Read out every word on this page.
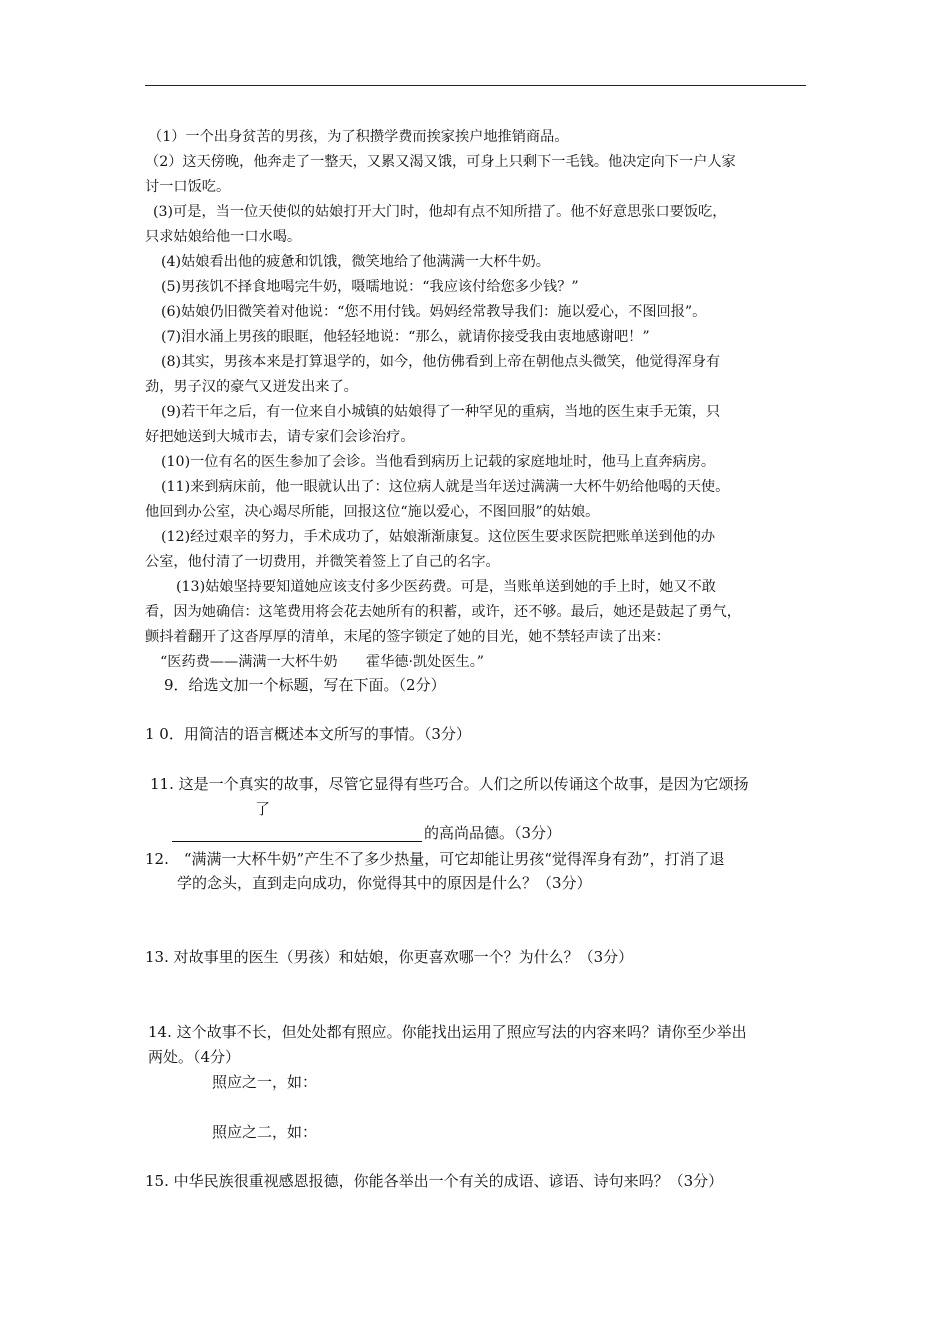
（1）一个出身贫苦的男孩，为了积攒学费而挨家挨户地推销商品。
（2）这天傍晚，他奔走了一整天，又累又渴又饿，可身上只剩下一毛钱。他决定向下一户人家
讨一口饭吃。
(3)可是，当一位天使似的姑娘打开大门时，他却有点不知所措了。他不好意思张口要饭吃，
只求姑娘给他一口水喝。
(4)姑娘看出他的疲惫和饥饿，微笑地给了他满满一大杯牛奶。
(5)男孩饥不择食地喝完牛奶，嗫嚅地说：“我应该付给您多少钱？”
(6)姑娘仍旧微笑着对他说：“您不用付钱。妈妈经常教导我们：施以爱心，不图回报”。
(7)泪水涌上男孩的眼眶，他轻轻地说：“那么，就请你接受我由衷地感谢吧！”
(8)其实，男孩本来是打算退学的，如今，他仿佛看到上帝在朝他点头微笑，他觉得浑身有
劲，男子汉的豪气又迸发出来了。
(9)若干年之后，有一位来自小城镇的姑娘得了一种罕见的重病，当地的医生束手无策，只
好把她送到大城市去，请专家们会诊治疗。
(10)一位有名的医生参加了会诊。当他看到病历上记载的家庭地址时，他马上直奔病房。
(11)来到病床前，他一眼就认出了：这位病人就是当年送过满满一大杯牛奶给他喝的天使。
他回到办公室，决心竭尽所能，回报这位“施以爱心，不图回服”的姑娘。
(12)经过艰辛的努力，手术成功了，姑娘渐渐康复。这位医生要求医院把账单送到他的办
公室，他付清了一切费用，并微笑着签上了自己的名字。
(13)姑娘坚持要知道她应该支付多少医药费。可是，当账单送到她的手上时，她又不敢
看，因为她确信：这笔费用将会花去她所有的积蓄，或许，还不够。最后，她还是鼓起了勇气，
颤抖着翻开了这沓厚厚的清单，末尾的签字锁定了她的目光，她不禁轻声读了出来：
“医药费——满满一大杯牛奶　　霍华德·凯处医生。”
9．给选文加一个标题，写在下面。（2分）
1 0．用简洁的语言概述本文所写的事情。（3分）
11. 这是一个真实的故事，尽管它显得有些巧合。人们之所以传诵这个故事，是因为它颂扬
了
的高尚品德。（3分）
12.　“满满一大杯牛奶”产生不了多少热量，可它却能让男孩“觉得浑身有劲”，打消了退
学的念头，直到走向成功，你觉得其中的原因是什么？（3分）
13. 对故事里的医生（男孩）和姑娘，你更喜欢哪一个？为什么？（3分）
14. 这个故事不长，但处处都有照应。你能找出运用了照应写法的内容来吗？请你至少举出
两处。（4分）
照应之一，如：
照应之二，如：
15. 中华民族很重视感恩报德，你能各举出一个有关的成语、谚语、诗句来吗？（3分）
